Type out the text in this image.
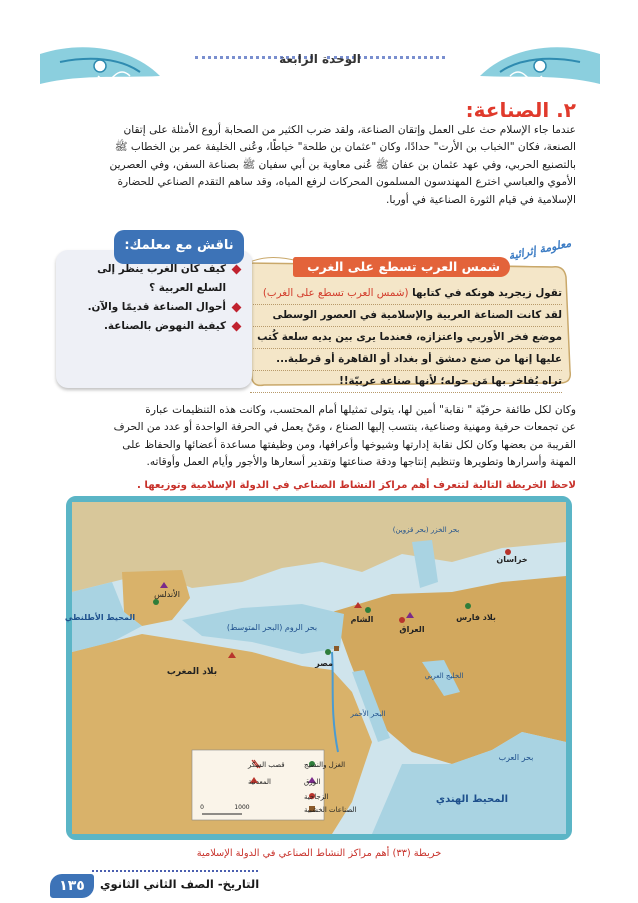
الوحدة الرابعة
٢. الصناعة:
عندما جاء الإسلام حث على العمل وإتقان الصناعة، ولقد ضرب الكثير من الصحابة أروع الأمثلة على إتقان
الصنعة، فكان "الخباب بن الأرت" حدادًا، وكان "عثمان بن طلحة" خياطًا، وعُنى الخليفة عمر بن الخطاب ﷺ
بالتصنيع الحربي، وفي عهد عثمان بن عفان ﷺ عُنى معاوية بن أبي سفيان ﷺ بصناعة السفن، وفي العصرين
الأموي والعباسي اخترع المهندسون المسلمون المحركات لرفع المياه، وقد ساهم التقدم الصناعي للحضارة
الإسلامية في قيام الثورة الصناعية في أوربا.
معلومة إثرائية
شمس العرب تسطع على الغرب
تقول زيجريد هونكه في كتابها (شمس العرب تسطع على الغرب)
لقد كانت الصناعة العربية والإسلامية في العصور الوسطى
موضع فخر الأوربي واعتزازه، فعندما يرى بين يديه سلعة كُتب
عليها إنها من صنع دمشق أو بغداد أو القاهرة أو قرطبة...
تراه يُفاخر بها مَن حوله؛ لأنها صناعة عربيّة!!
ناقش مع معلمك:
كيف كان الغرب ينظر إلى السلع العربية ؟
أحوال الصناعة قديمًا والآن.
كيفية النهوض بالصناعة.
وكان لكل طائفة حرفيّة " نقابة" أمين لها، يتولى تمثيلها أمام المحتسب، وكانت هذه التنظيمات عبارة
عن تجمعات حرفية ومهنية وصناعية، ينتسب إليها الصناع ، ومَنْ يعمل في الحرفة الواحدة أو عدد من الحرف
القريبة من بعضها وكان لكل نقابة إدارتها وشيوخها وأعرافها، ومن وظيفتها مساعدة أعضائها والحفاظ على
المهنة وأسرارها وتطويرها وتنظيم إنتاجها ودقة صناعتها وتقدير أسعارها والأجور وأيام العمل وأوقاته.
لاحظ الخريطة التالية لتتعرف أهم مراكز النشاط الصناعي في الدولة الإسلامية وتوزيعها .
الأندلس
المحيط الأطلنطي
بلاد المغرب
بحر الروم (البحر المتوسط)
الشام
العراق
مصر
بلاد فارس
خراسان
بحر الخزر (بحر قزوين)
البحر الأحمر
بحر العرب
المحيط الهندي
الخليج العربي
الغزل والنسيج
قصب السكر
الورق
الزجاجية
الصناعات الخشبية
المعدنية
0	1000
خريطة (٣٣) أهم مراكز النشاط الصناعي في الدولة الإسلامية
١٣٥	التاريخ- الصف الثاني الثانوي
